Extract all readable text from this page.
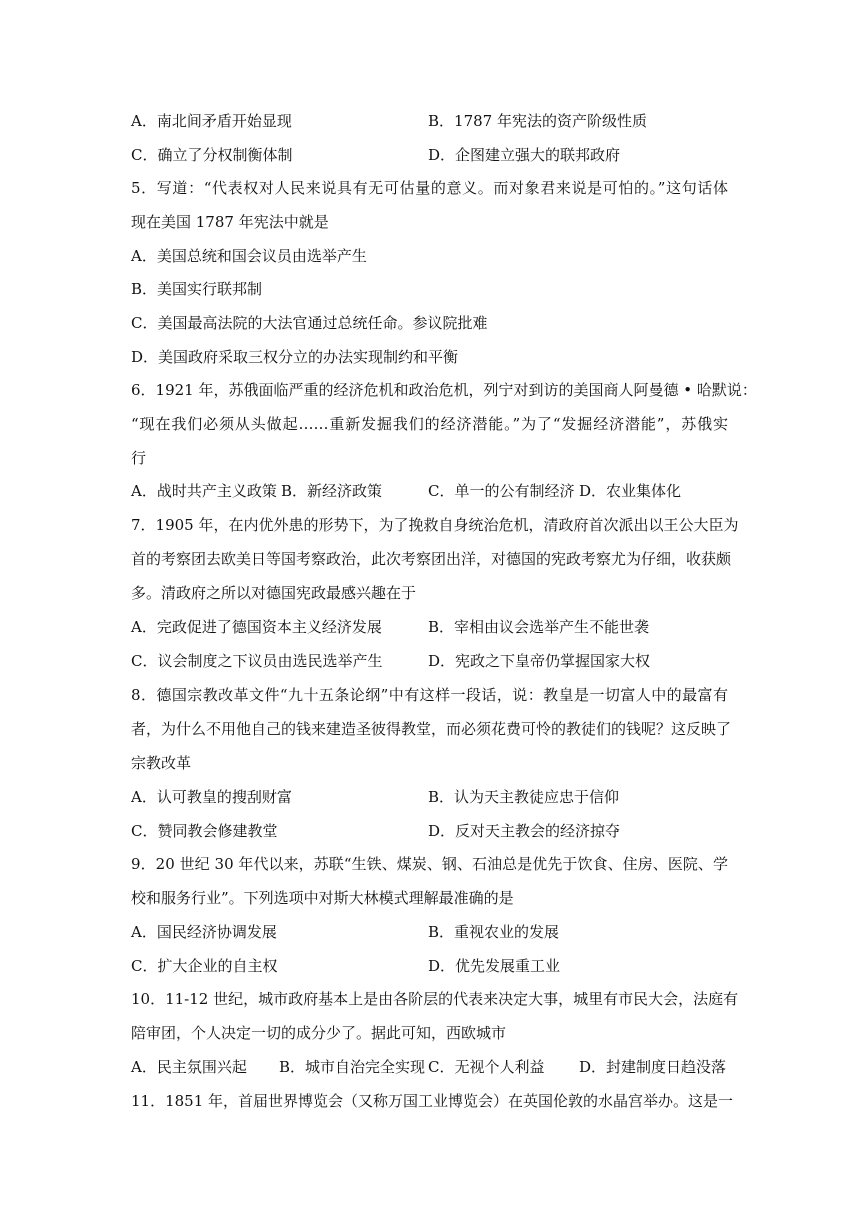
A．南北间矛盾开始显现	B．1787 年宪法的资产阶级性质
C．确立了分权制衡体制	D．企图建立强大的联邦政府
5．写道：“代表权对人民来说具有无可估量的意义。而对象君来说是可怕的。”这句话体
现在美国 1787 年宪法中就是
A．美国总统和国会议员由选举产生
B．美国实行联邦制
C．美国最高法院的大法官通过总统任命。参议院批难
D．美国政府采取三权分立的办法实现制约和平衡
6．1921 年，苏俄面临严重的经济危机和政治危机，列宁对到访的美国商人阿曼德 • 哈默说：
“现在我们必须从头做起……重新发掘我们的经济潜能。”为了“发掘经济潜能”，苏俄实
行
A．战时共产主义政策 B．新经济政策	C．单一的公有制经济 D．农业集体化
7．1905 年，在内优外患的形势下，为了挽救自身统治危机，清政府首次派出以王公大臣为
首的考察团去欧美日等国考察政治，此次考察团出洋，对德国的宪政考察尤为仔细，收获颇
多。清政府之所以对德国宪政最感兴趣在于
A．完政促进了德国资本主义经济发展	B．宰相由议会选举产生不能世袭
C．议会制度之下议员由选民选举产生	D．宪政之下皇帝仍掌握国家大权
8．德国宗教改革文件“九十五条论纲”中有这样一段话，说：教皇是一切富人中的最富有
者，为什么不用他自己的钱来建造圣彼得教堂，而必须花费可怜的教徒们的钱呢？这反映了
宗教改革
A．认可教皇的搜刮财富	B．认为天主教徒应忠于信仰
C．赞同教会修建教堂	D．反对天主教会的经济掠夺
9．20 世纪 30 年代以来，苏联“生铁、煤炭、钢、石油总是优先于饮食、住房、医院、学
校和服务行业”。下列选项中对斯大林模式理解最准确的是
A．国民经济协调发展	B．重视农业的发展
C．扩大企业的自主权	D．优先发展重工业
10．11-12 世纪，城市政府基本上是由各阶层的代表来决定大事，城里有市民大会，法庭有
陪审团，个人决定一切的成分少了。据此可知，西欧城市
A．民主氛围兴起 B．城市自治完全实现 C．无视个人利益 D．封建制度日趋没落
11．1851 年，首届世界博览会（又称万国工业博览会）在英国伦敦的水晶宫举办。这是一
